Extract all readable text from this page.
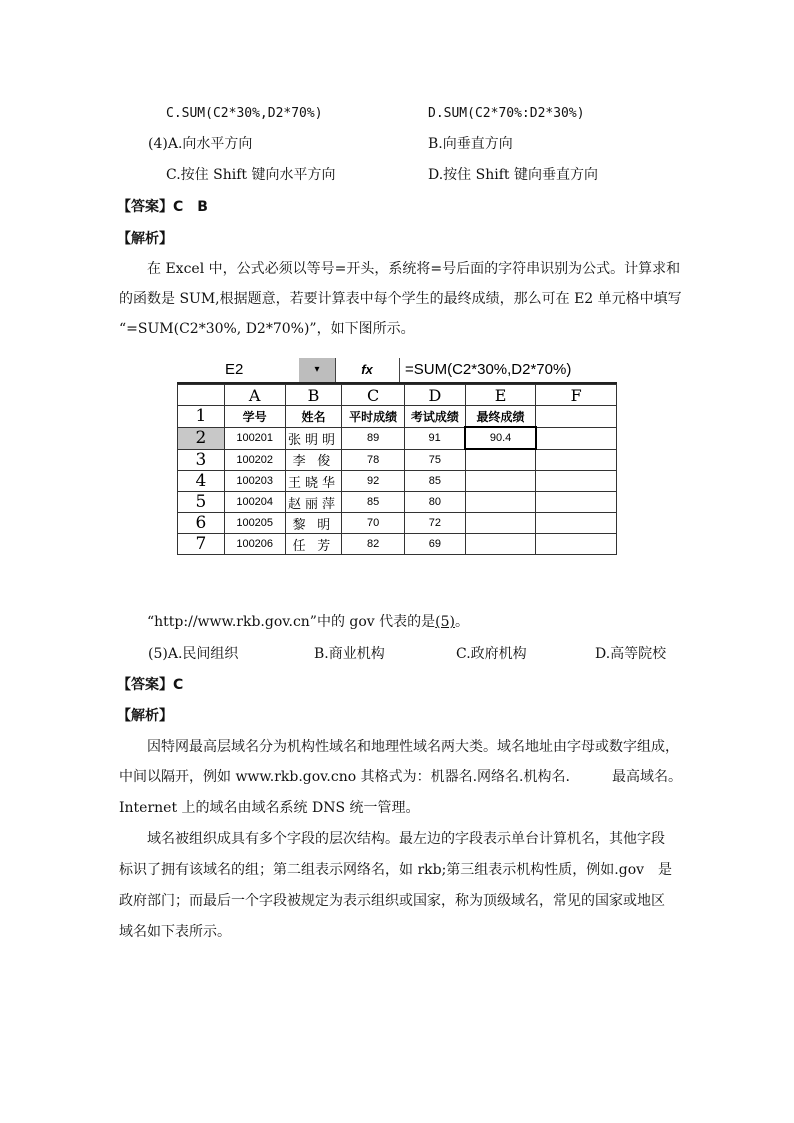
C.SUM(C2*30%,D2*70%)	D.SUM(C2*70%:D2*30%)
(4)A.向水平方向	B.向垂直方向
C.按住 Shift 键向水平方向	D.按住 Shift 键向垂直方向
【答案】C　B
【解析】
在 Excel 中，公式必须以等号=开头，系统将=号后面的字符串识别为公式。计算求和
的函数是 SUM,根据题意，若要计算表中每个学生的最终成绩，那么可在 E2 单元格中填写
“=SUM(C2*30%, D2*70%)”，如下图所示。
E2	▾	fx	=SUM(C2*30%,D2*70%)
	A	B	C	D	E	F
1	学号	姓名	平时成绩	考试成绩	最终成绩	
2	100201	张明明	89	91	90.4	
3	100202	李 俊	78	75		
4	100203	王晓华	92	85		
5	100204	赵丽萍	85	80		
6	100205	黎 明	70	72		
7	100206	任 芳	82	69		
“http://www.rkb.gov.cn”中的 gov 代表的是(5)。
(5)A.民间组织	B.商业机构	C.政府机构	D.高等院校
【答案】C
【解析】
因特网最高层域名分为机构性域名和地理性域名两大类。域名地址由字母或数字组成，
中间以隔开，例如 www.rkb.gov.cno 其格式为：机器名.网络名.机构名.　　　最高域名。
Internet 上的域名由域名系统 DNS 统一管理。
域名被组织成具有多个字段的层次结构。最左边的字段表示单台计算机名，其他字段
标识了拥有该域名的组；第二组表示网络名，如 rkb;第三组表示机构性质，例如.gov　是
政府部门；而最后一个字段被规定为表示组织或国家，称为顶级域名，常见的国家或地区
域名如下表所示。
